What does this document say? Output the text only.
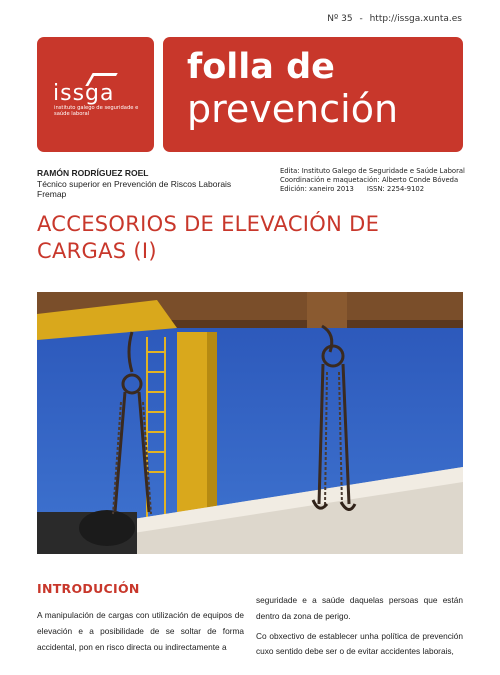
Nº 35 - http://issga.xunta.es
issga
instituto galego de seguridade e saúde laboral
folla de
prevención
RAMÓN RODRÍGUEZ ROEL
Técnico superior en Prevención de Riscos Laborais
Fremap
Edita: Instituto Galego de Seguridade e Saúde Laboral
Coordinación e maquetación: Alberto Conde Bóveda
Edición: xaneiro 2013      ISSN: 2254-9102
ACCESORIOS DE ELEVACIÓN DE CARGAS (I)
INTRODUCIÓN

A manipulación de cargas con utilización de equipos de elevación e a posibilidade de se soltar de forma accidental, pon en risco directa ou indirectamente a

seguridade e a saúde daquelas persoas que están dentro da zona de perigo.

Co obxectivo de establecer unha política de prevención cuxo sentido debe ser o de evitar accidentes laborais,
